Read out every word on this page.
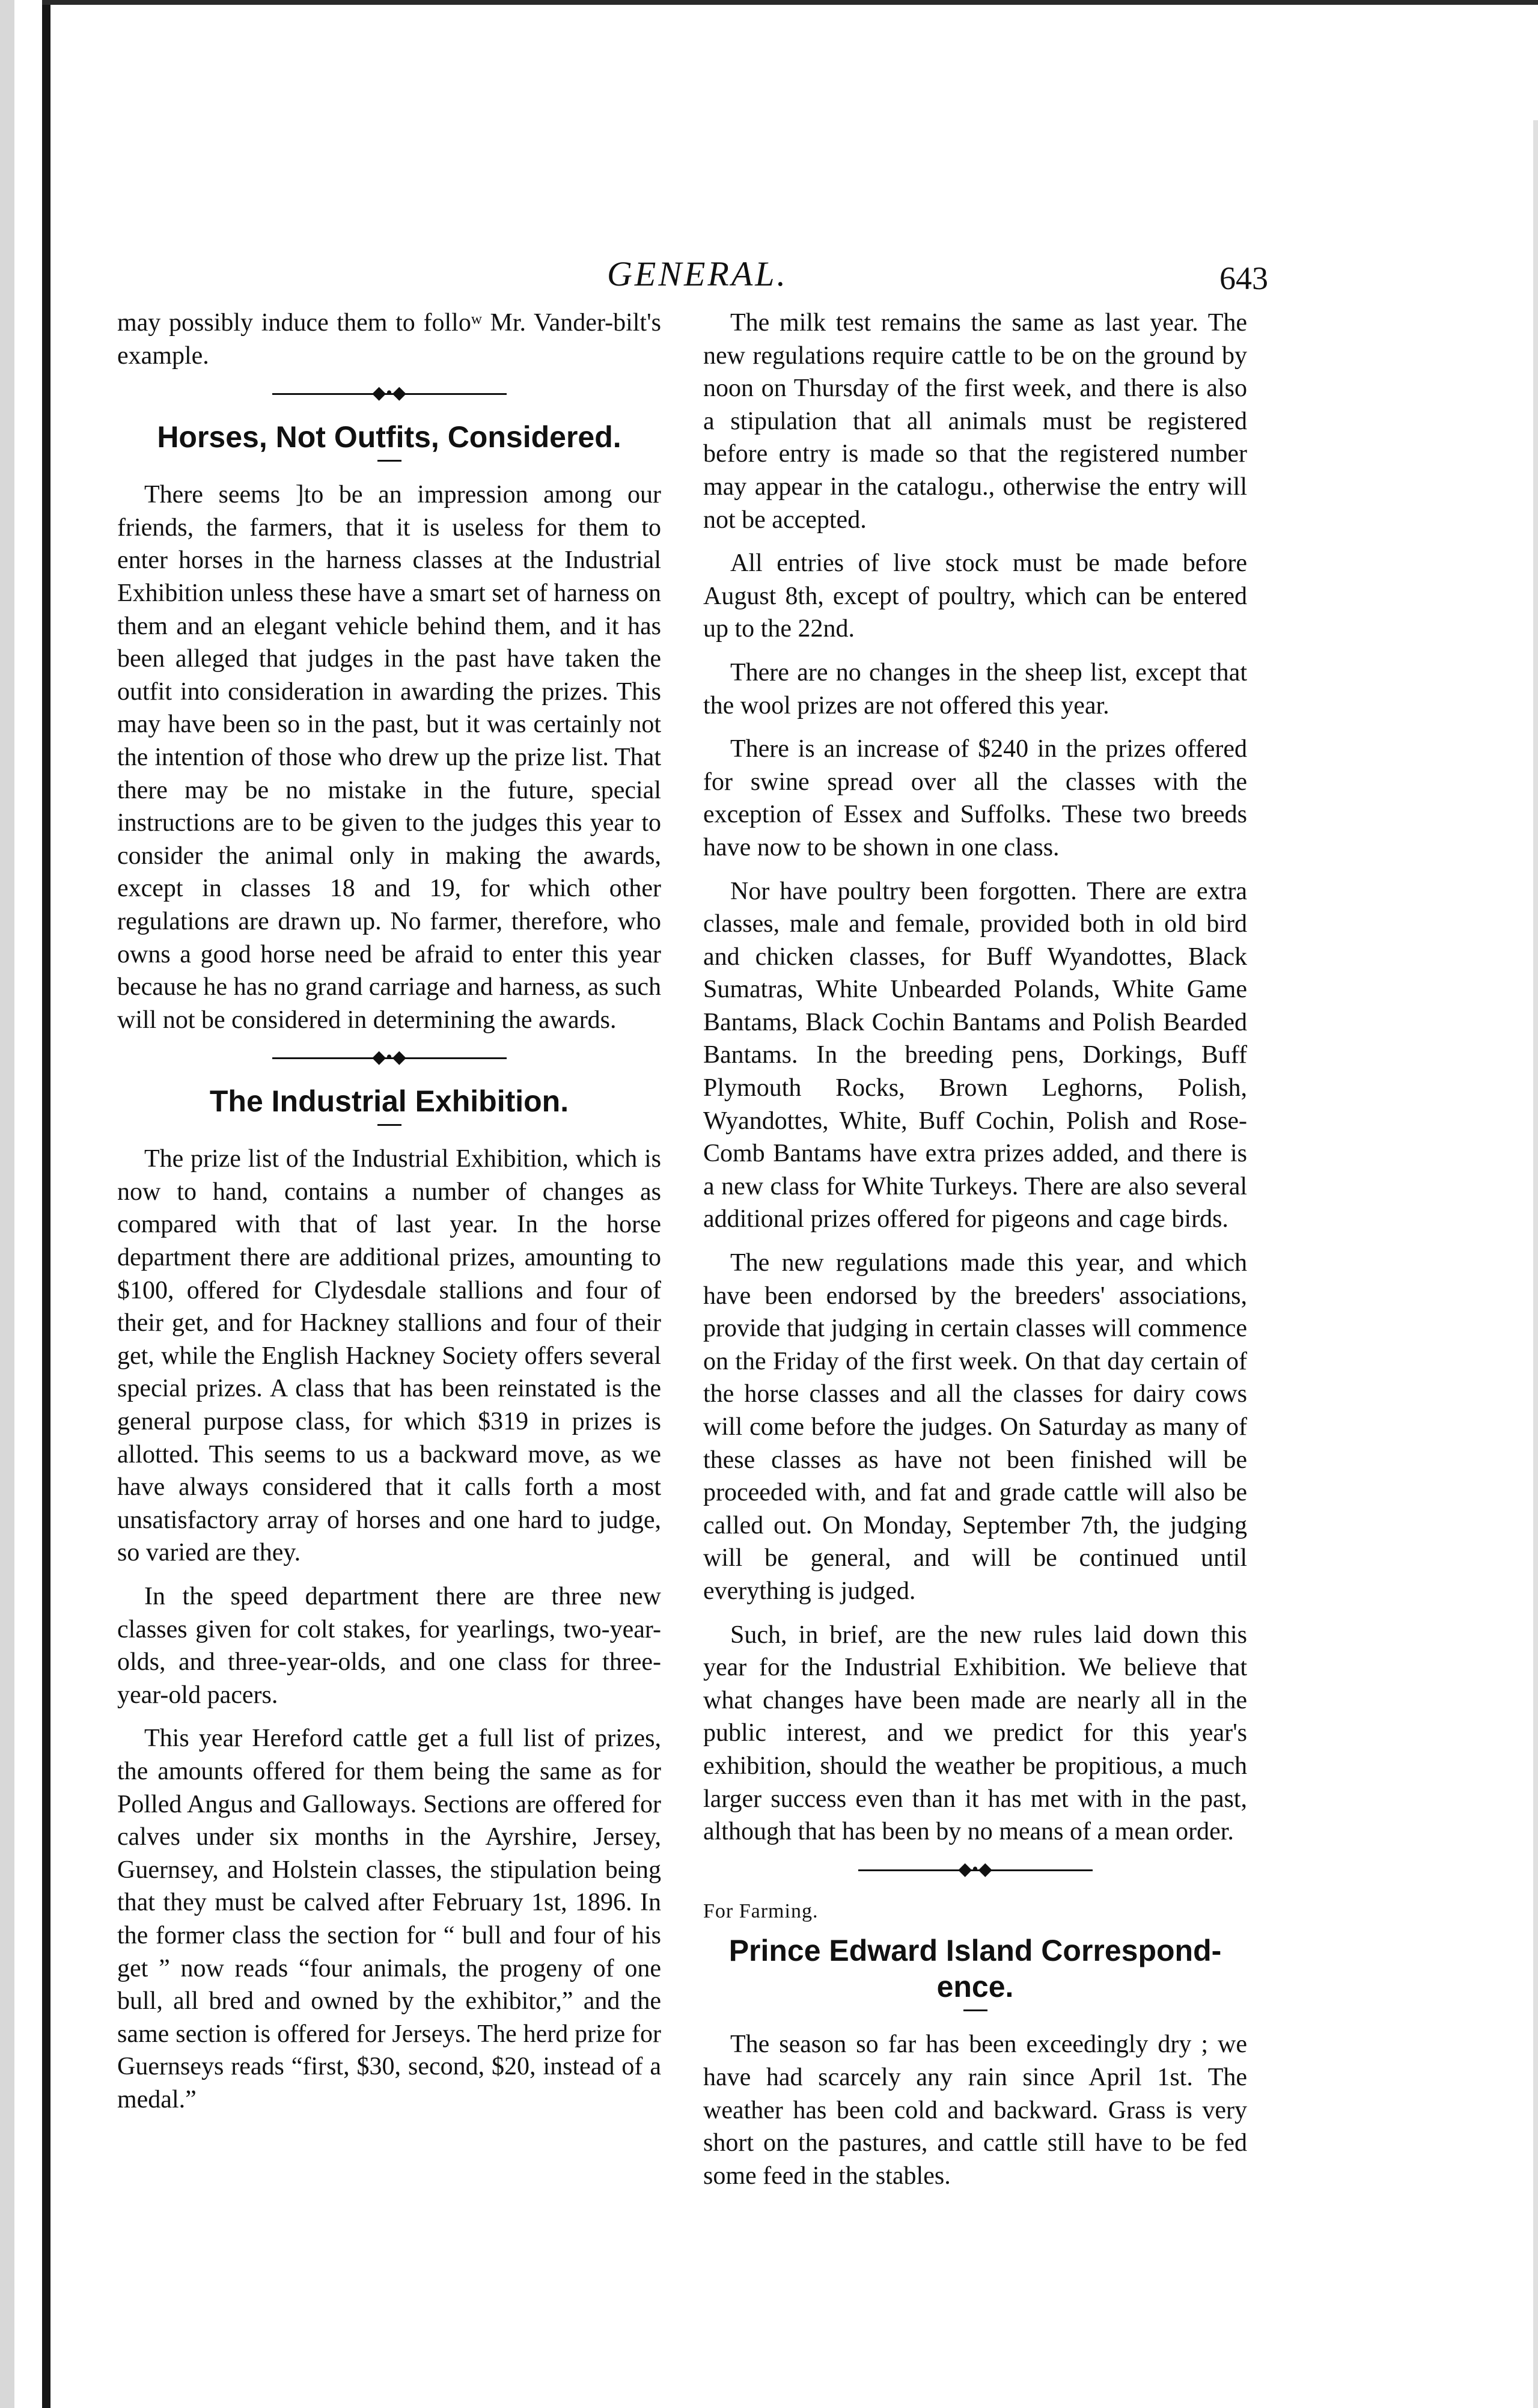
GENERAL.	643

may possibly induce them to folloʷ Mr. Vander-bilt's example.

◆•◆
Horses, Not Outfits, Considered.

There seems ]to be an impression among our friends, the farmers, that it is useless for them to enter horses in the harness classes at the Industrial Exhibition unless these have a smart set of harness on them and an elegant vehicle behind them, and it has been alleged that judges in the past have taken the outfit into consideration in awarding the prizes. This may have been so in the past, but it was certainly not the intention of those who drew up the prize list. That there may be no mistake in the future, special instructions are to be given to the judges this year to consider the animal only in making the awards, except in classes 18 and 19, for which other regulations are drawn up. No farmer, therefore, who owns a good horse need be afraid to enter this year because he has no grand carriage and harness, as such will not be considered in determining the awards.

◆•◆
The Industrial Exhibition.

The prize list of the Industrial Exhibition, which is now to hand, contains a number of changes as compared with that of last year. In the horse department there are additional prizes, amounting to $100, offered for Clydesdale stallions and four of their get, and for Hackney stallions and four of their get, while the English Hackney Society offers several special prizes. A class that has been reinstated is the general purpose class, for which $319 in prizes is allotted. This seems to us a backward move, as we have always considered that it calls forth a most unsatisfactory array of horses and one hard to judge, so varied are they.

In the speed department there are three new classes given for colt stakes, for yearlings, two-year-olds, and three-year-olds, and one class for three-year-old pacers.

This year Hereford cattle get a full list of prizes, the amounts offered for them being the same as for Polled Angus and Galloways. Sections are offered for calves under six months in the Ayrshire, Jersey, Guernsey, and Holstein classes, the stipulation being that they must be calved after February 1st, 1896. In the former class the section for “ bull and four of his get ” now reads “four animals, the progeny of one bull, all bred and owned by the exhibitor,” and the same section is offered for Jerseys. The herd prize for Guernseys reads “first, $30, second, $20, instead of a medal.”

The milk test remains the same as last year. The new regulations require cattle to be on the ground by noon on Thursday of the first week, and there is also a stipulation that all animals must be registered before entry is made so that the registered number may appear in the catalogu., otherwise the entry will not be accepted.

All entries of live stock must be made before August 8th, except of poultry, which can be entered up to the 22nd.

There are no changes in the sheep list, except that the wool prizes are not offered this year.

There is an increase of $240 in the prizes offered for swine spread over all the classes with the exception of Essex and Suffolks. These two breeds have now to be shown in one class.

Nor have poultry been forgotten. There are extra classes, male and female, provided both in old bird and chicken classes, for Buff Wyandottes, Black Sumatras, White Unbearded Polands, White Game Bantams, Black Cochin Bantams and Polish Bearded Bantams. In the breeding pens, Dorkings, Buff Plymouth Rocks, Brown Leghorns, Polish, Wyandottes, White, Buff Cochin, Polish and Rose-Comb Bantams have extra prizes added, and there is a new class for White Turkeys. There are also several additional prizes offered for pigeons and cage birds.

The new regulations made this year, and which have been endorsed by the breeders' associations, provide that judging in certain classes will commence on the Friday of the first week. On that day certain of the horse classes and all the classes for dairy cows will come before the judges. On Saturday as many of these classes as have not been finished will be proceeded with, and fat and grade cattle will also be called out. On Monday, September 7th, the judging will be general, and will be continued until everything is judged.

Such, in brief, are the new rules laid down this year for the Industrial Exhibition. We believe that what changes have been made are nearly all in the public interest, and we predict for this year's exhibition, should the weather be propitious, a much larger success even than it has met with in the past, although that has been by no means of a mean order.

◆•◆

For Farming.

Prince Edward Island Correspond-ence.

The season so far has been exceedingly dry ; we have had scarcely any rain since April 1st. The weather has been cold and backward. Grass is very short on the pastures, and cattle still have to be fed some feed in the stables.
